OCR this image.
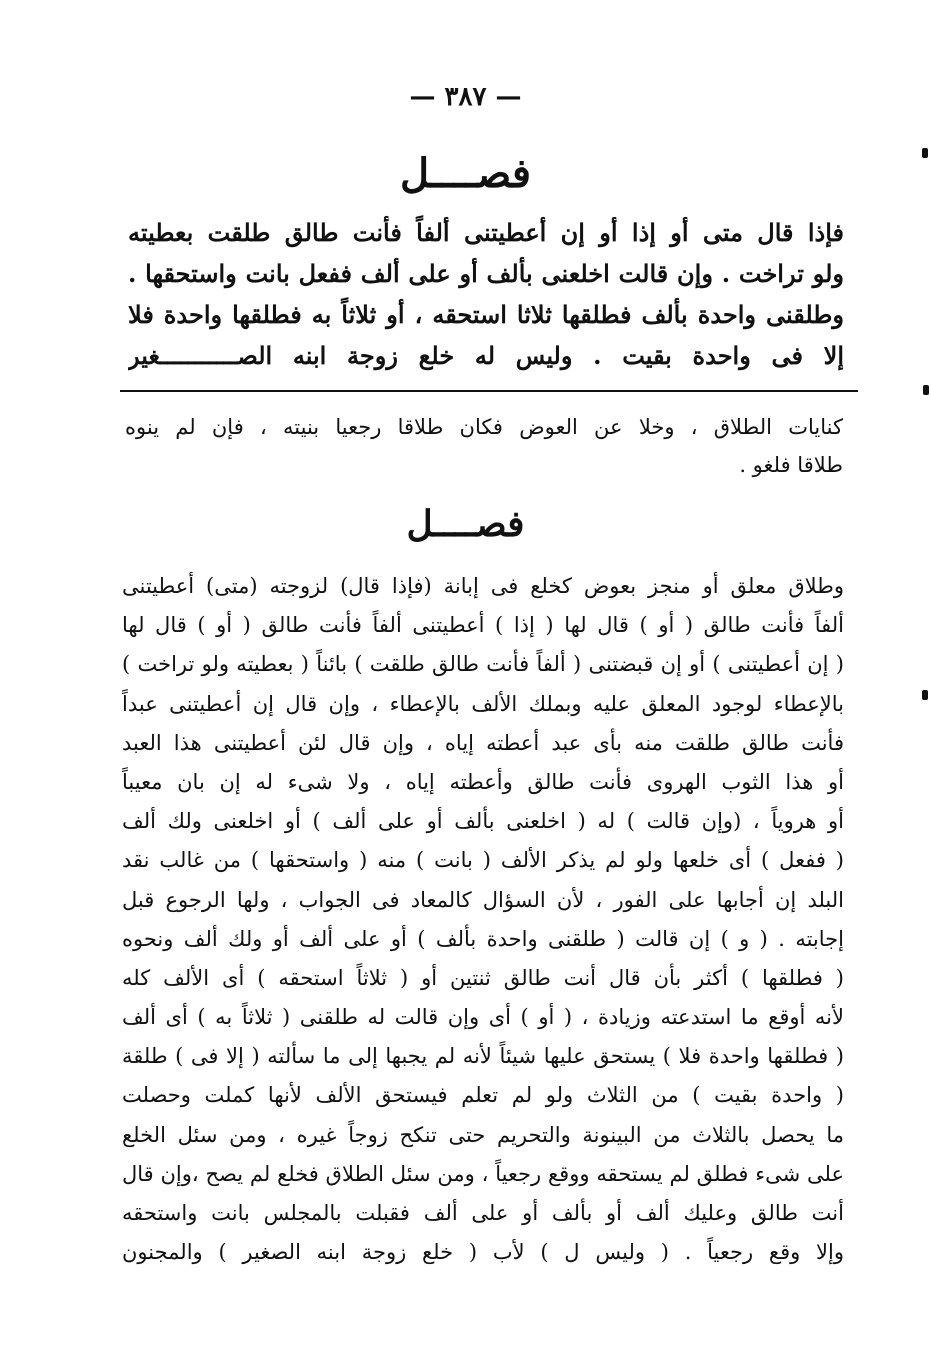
— ٣٨٧ —
فصــــل
فإذا قال متى أو إذا أو إن أعطيتنى ألفاً فأنت طالق طلقت بعطيته
ولو تراخت . وإن قالت اخلعنى بألف أو على ألف ففعل بانت واستحقها .
وطلقنى واحدة بألف فطلقها ثلاثا استحقه ، أو ثلاثاً به فطلقها واحدة فلا
إلا فى واحدة بقيت . وليس له خلع زوجة ابنه الصـــــــــــغير
كنايات الطلاق ، وخلا عن العوض فكان طلاقا رجعيا بنيته ، فإن لم ينوه
طلاقا فلغو .
فصــــل
وطلاق معلق أو منجز بعوض كخلع فى إبانة (فإذا قال) لزوجته (متى) أعطيتنى
ألفاً فأنت طالق ( أو ) قال لها ( إذا ) أعطيتنى ألفاً فأنت طالق ( أو ) قال لها
( إن أعطيتنى ) أو إن قبضتنى ( ألفاً فأنت طالق طلقت ) بائناً ( بعطيته ولو تراخت )
بالإعطاء لوجود المعلق عليه وبملك الألف بالإعطاء ، وإن قال إن أعطيتنى عبداً
فأنت طالق طلقت منه بأى عبد أعطته إياه ، وإن قال لئن أعطيتنى هذا العبد
أو هذا الثوب الهروى فأنت طالق وأعطته إياه ، ولا شىء له إن بان معيباً
أو هروياً ، (وإن قالت ) له ( اخلعنى بألف أو على ألف ) أو اخلعنى ولك ألف
( ففعل ) أى خلعها ولو لم يذكر الألف ( بانت ) منه ( واستحقها ) من غالب نقد
البلد إن أجابها على الفور ، لأن السؤال كالمعاد فى الجواب ، ولها الرجوع قبل
إجابته . ( و ) إن قالت ( طلقنى واحدة بألف ) أو على ألف أو ولك ألف ونحوه
( فطلقها ) أكثر بأن قال أنت طالق ثنتين أو ( ثلاثاً استحقه ) أى الألف كله
لأنه أوقع ما استدعته وزيادة ، ( أو ) أى وإن قالت له طلقنى ( ثلاثاً به ) أى ألف
( فطلقها واحدة فلا ) يستحق عليها شيئاً لأنه لم يجبها إلى ما سألته ( إلا فى ) طلقة
( واحدة بقيت ) من الثلاث ولو لم تعلم فيستحق الألف لأنها كملت وحصلت
ما يحصل بالثلاث من البينونة والتحريم حتى تنكح زوجاً غيره ، ومن سئل الخلع
على شىء فطلق لم يستحقه ووقع رجعياً ، ومن سئل الطلاق فخلع لم يصح ،وإن قال
أنت طالق وعليك ألف أو بألف أو على ألف فقبلت بالمجلس بانت واستحقه
وإلا وقع رجعياً . ( وليس ل ) لأب ( خلع زوجة ابنه الصغير ) والمجنون
